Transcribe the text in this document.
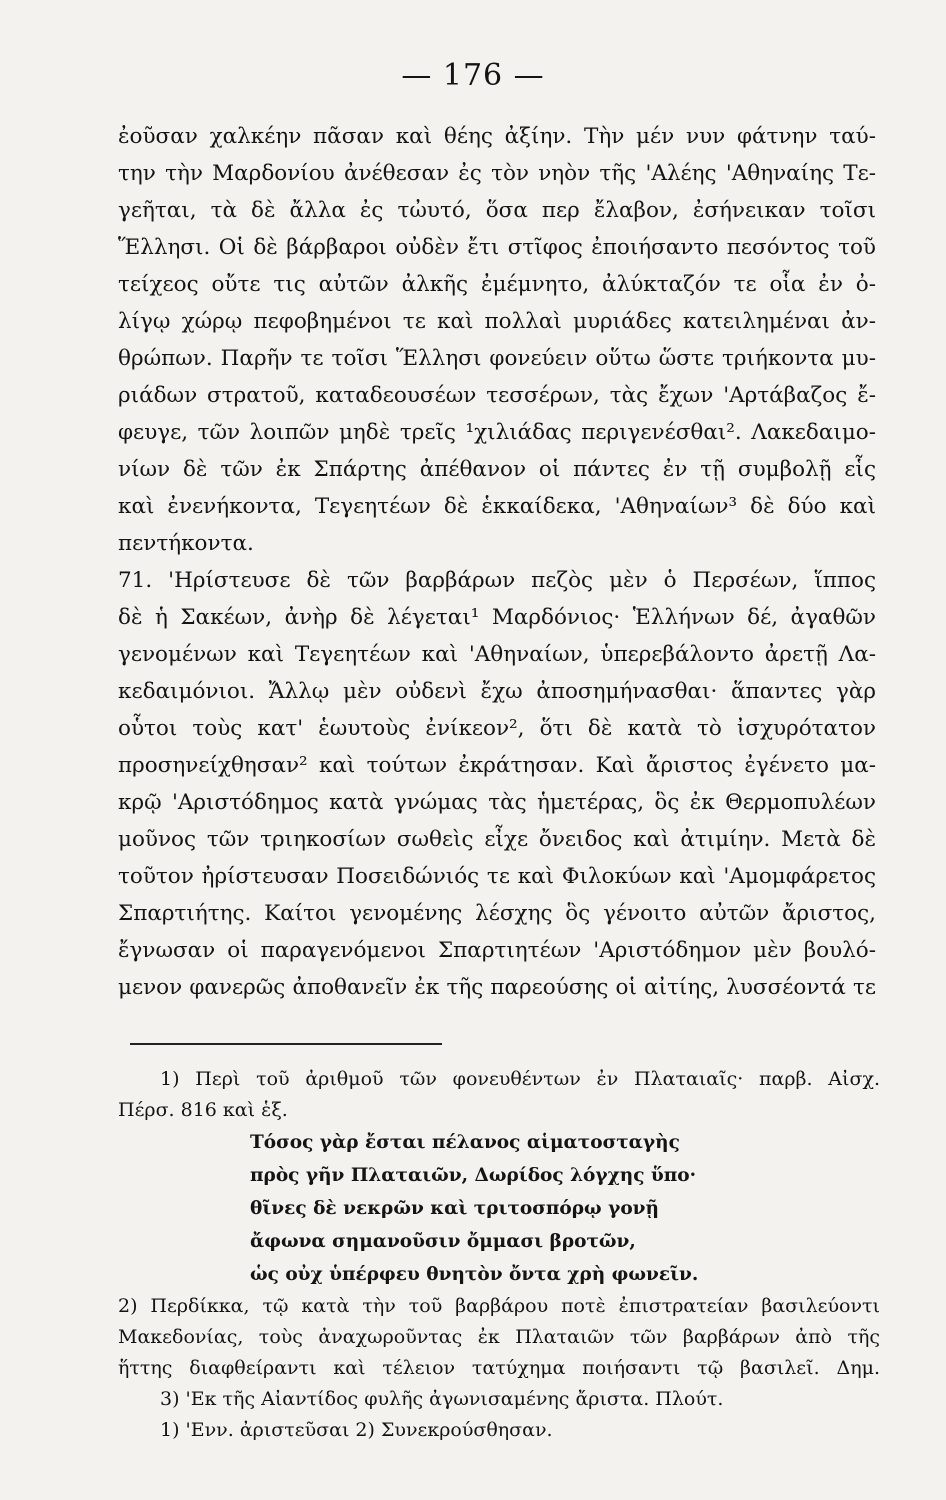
— 176 —
ἐοῦσαν χαλκέην πᾶσαν καὶ θέης ἀξίην. Τὴν μέν νυν φάτνην ταύ-
την τὴν Μαρδονίου ἀνέθεσαν ἐς τὸν νηὸν τῆς 'Αλέης 'Αθηναίης Τε-
γεῆται, τὰ δὲ ἄλλα ἐς τὠυτό, ὅσα περ ἔλαβον, ἐσήνεικαν τοῖσι
Ἕλλησι. Οἱ δὲ βάρβαροι οὐδὲν ἔτι στῖφος ἐποιήσαντο πεσόντος τοῦ
τείχεος οὔτε τις αὐτῶν ἀλκῆς ἐμέμνητο, ἀλύκταζόν τε οἷα ἐν ὀ-
λίγῳ χώρῳ πεφοβημένοι τε καὶ πολλαὶ μυριάδες κατειλημέναι ἀν-
θρώπων. Παρῆν τε τοῖσι Ἕλλησι φονεύειν οὕτω ὥστε τριήκοντα μυ-
ριάδων στρατοῦ, καταδεουσέων τεσσέρων, τὰς ἔχων 'Αρτάβαζος ἔ-
φευγε, τῶν λοιπῶν μηδὲ τρεῖς ¹χιλιάδας περιγενέσθαι². Λακεδαιμο-
νίων δὲ τῶν ἐκ Σπάρτης ἀπέθανον οἱ πάντες ἐν τῇ συμβολῇ εἷς
καὶ ἐνενήκοντα, Τεγεητέων δὲ ἑκκαίδεκα, 'Αθηναίων³ δὲ δύο καὶ
πεντήκοντα.
71. 'Ηρίστευσε δὲ τῶν βαρβάρων πεζὸς μὲν ὁ Περσέων, ἵππος
δὲ ἡ Σακέων, ἀνὴρ δὲ λέγεται¹ Μαρδόνιος· Ἑλλήνων δέ, ἀγαθῶν
γενομένων καὶ Τεγεητέων καὶ 'Αθηναίων, ὑπερεβάλοντο ἀρετῇ Λα-
κεδαιμόνιοι. Ἄλλῳ μὲν οὐδενὶ ἔχω ἀποσημήνασθαι· ἅπαντες γὰρ
οὗτοι τοὺς κατ' ἑωυτοὺς ἐνίκεον², ὅτι δὲ κατὰ τὸ ἰσχυρότατον
προσηνείχθησαν² καὶ τούτων ἐκράτησαν. Καὶ ἄριστος ἐγένετο μα-
κρῷ 'Αριστόδημος κατὰ γνώμας τὰς ἡμετέρας, ὃς ἐκ Θερμοπυλέων
μοῦνος τῶν τριηκοσίων σωθεὶς εἶχε ὄνειδος καὶ ἀτιμίην. Μετὰ δὲ
τοῦτον ἠρίστευσαν Ποσειδώνιός τε καὶ Φιλοκύων καὶ 'Αμομφάρετος
Σπαρτιήτης. Καίτοι γενομένης λέσχης ὃς γένοιτο αὐτῶν ἄριστος,
ἔγνωσαν οἱ παραγενόμενοι Σπαρτιητέων 'Αριστόδημον μὲν βουλό-
μενον φανερῶς ἀποθανεῖν ἐκ τῆς παρεούσης οἱ αἰτίης, λυσσέοντά τε
1) Περὶ τοῦ ἀριθμοῦ τῶν φονευθέντων ἐν Πλαταιαῖς· παρβ. Αἰσχ.
Πέρσ. 816 καὶ ἑξ.
Τόσος γὰρ ἔσται πέλανος αἱματοσταγὴς
πρὸς γῆν Πλαταιῶν, Δωρίδος λόγχης ὕπο·
θῖνες δὲ νεκρῶν καὶ τριτοσπόρῳ γονῇ
ἄφωνα σημανοῦσιν ὄμμασι βροτῶν,
ὡς οὐχ ὑπέρφευ θνητὸν ὄντα χρὴ φωνεῖν.
2) Περδίκκα, τῷ κατὰ τὴν τοῦ βαρβάρου ποτὲ ἐπιστρατείαν βασιλεύοντι
Μακεδονίας, τοὺς ἀναχωροῦντας ἐκ Πλαταιῶν τῶν βαρβάρων ἀπὸ τῆς
ἥττης διαφθείραντι καὶ τέλειον τατύχημα ποιήσαντι τῷ βασιλεῖ. Δημ.
3) 'Εκ τῆς Αἰαντίδος φυλῆς ἀγωνισαμένης ἄριστα. Πλούτ.
1) 'Ενν. ἀριστεῦσαι 2) Συνεκρούσθησαν.
